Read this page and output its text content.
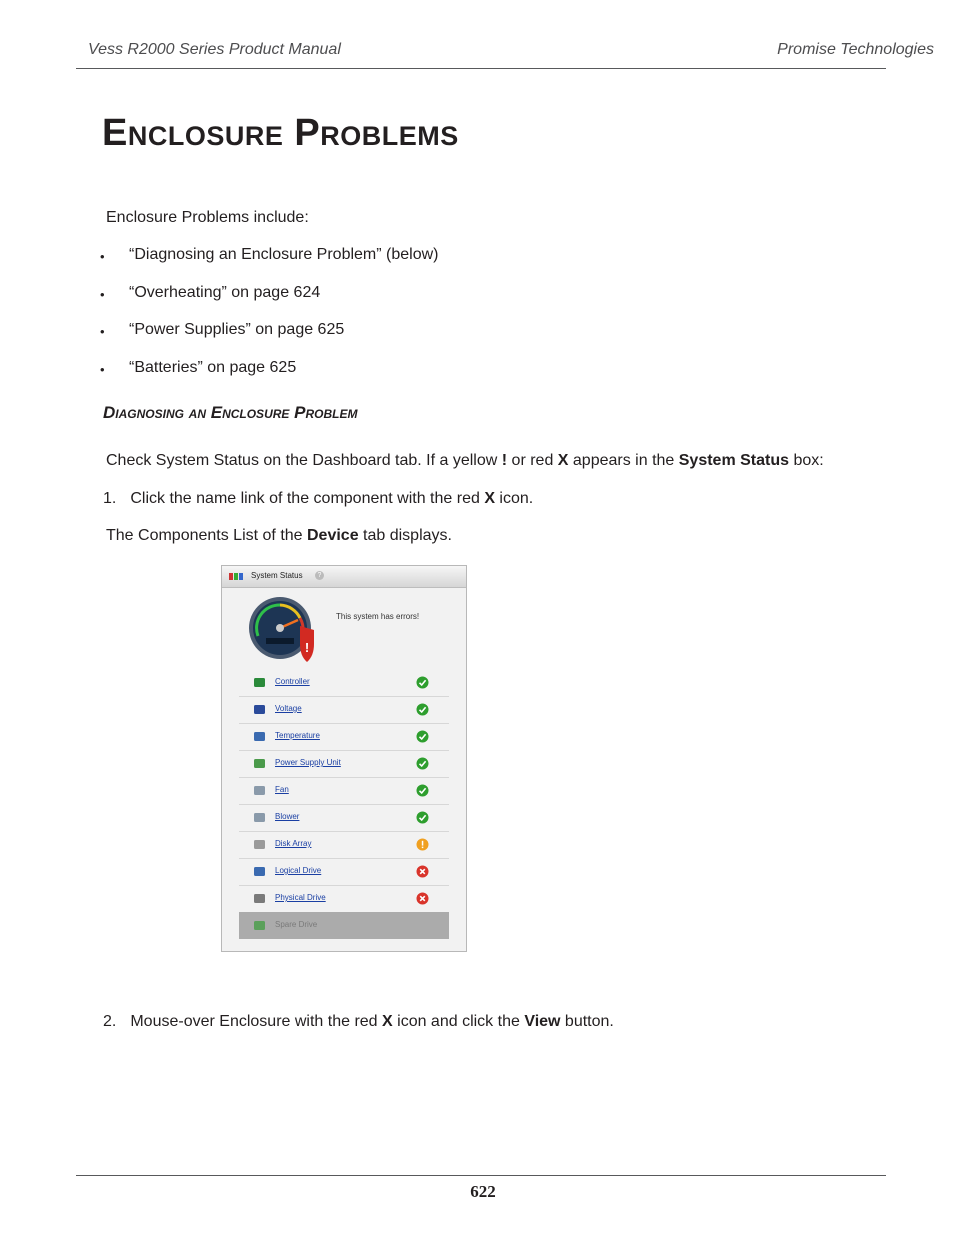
Vess R2000 Series Product Manual	Promise Technologies
Enclosure Problems
Enclosure Problems include:
• “Diagnosing an Enclosure Problem” (below)
• “Overheating” on page 624
• “Power Supplies” on page 625
• “Batteries” on page 625
Diagnosing an Enclosure Problem
Check System Status on the Dashboard tab. If a yellow ! or red X appears in the System Status box:
1. Click the name link of the component with the red X icon.
The Components List of the Device tab displays.
System Status	?
!
This system has errors!
Controller
Voltage
Temperature
Power Supply Unit
Fan
Blower
Disk Array
Logical Drive
Physical Drive
Spare Drive
2. Mouse-over Enclosure with the red X icon and click the View button.
622
